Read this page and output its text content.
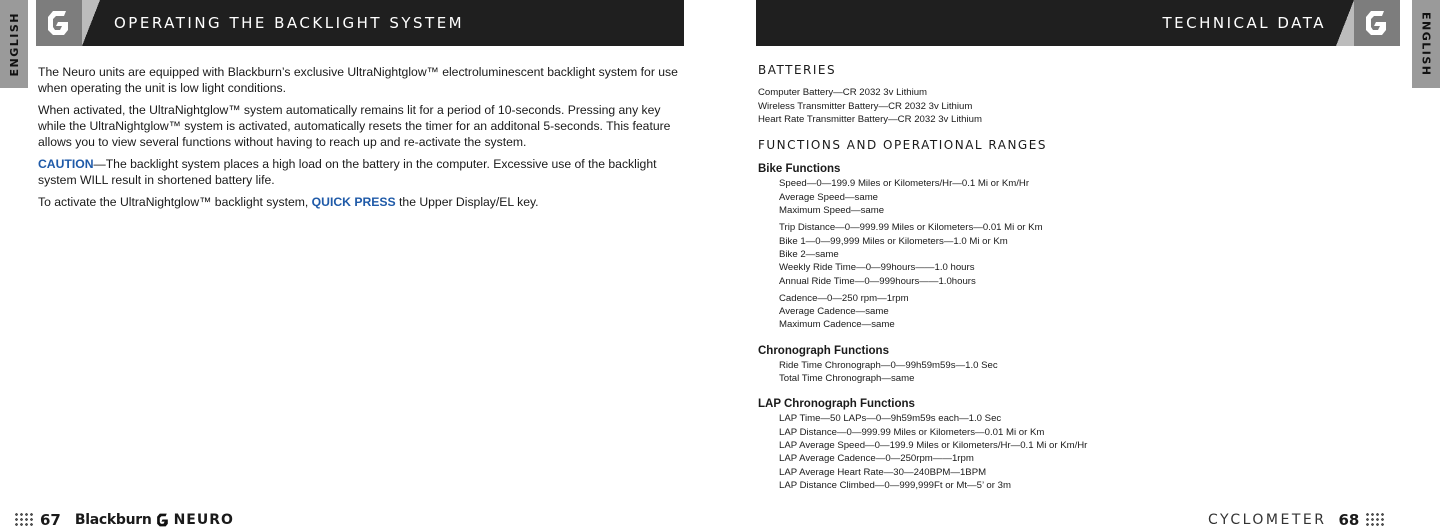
ENGLISH	ENGLISH
OPERATING THE BACKLIGHT SYSTEM	TECHNICAL DATA

The Neuro units are equipped with Blackburn’s exclusive UltraNightglow™ electroluminescent backlight system for use when operating the unit is low light conditions.

When activated, the UltraNightglow™ system automatically remains lit for a period of 10-seconds. Pressing any key while the UltraNightglow™ system is activated, automatically resets the timer for an additonal 5-seconds. This feature allows you to view several functions without having to reach up and re-activate the system.

CAUTION—The backlight system places a high load on the battery in the computer. Excessive use of the backlight system WILL result in shortened battery life.

To activate the UltraNightglow™ backlight system, QUICK PRESS the Upper Display/EL key.

BATTERIES
Computer Battery—CR 2032 3v Lithium
Wireless Transmitter Battery—CR 2032 3v Lithium
Heart Rate Transmitter Battery—CR 2032 3v Lithium
FUNCTIONS AND OPERATIONAL RANGES
Bike Functions
Speed—0—199.9 Miles or Kilometers/Hr—0.1 Mi or Km/Hr
Average Speed—same
Maximum Speed—same
Trip Distance—0—999.99 Miles or Kilometers—0.01 Mi or Km
Bike 1—0—99,999 Miles or Kilometers—1.0 Mi or Km
Bike 2—same
Weekly Ride Time—0—99hours——1.0 hours
Annual Ride Time—0—999hours——1.0hours
Cadence—0—250 rpm—1rpm
Average Cadence—same
Maximum Cadence—same
Chronograph Functions
Ride Time Chronograph—0—99h59m59s—1.0 Sec
Total Time Chronograph—same
LAP Chronograph Functions
LAP Time—50 LAPs—0—9h59m59s each—1.0 Sec
LAP Distance—0—999.99 Miles or Kilometers—0.01 Mi or Km
LAP Average Speed—0—199.9 Miles or Kilometers/Hr—0.1 Mi or Km/Hr
LAP Average Cadence—0—250rpm——1rpm
LAP Average Heart Rate—30—240BPM—1BPM
LAP Distance Climbed—0—999,999Ft or Mt—5’ or 3m
67 Blackburn NEURO	CYCLOMETER 68
